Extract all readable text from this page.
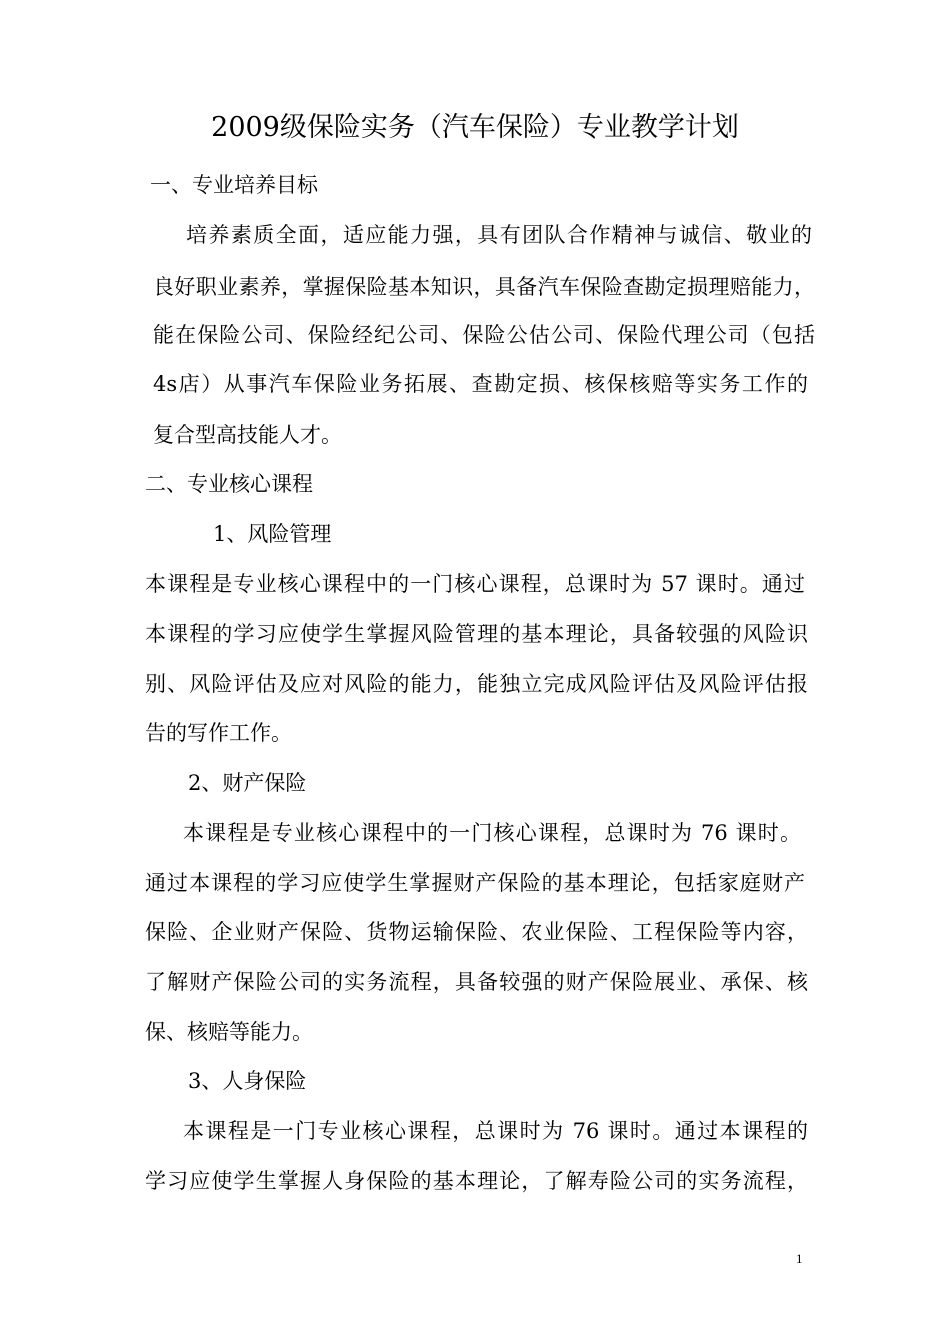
2009级保险实务（汽车保险）专业教学计划
一、专业培养目标
培养素质全面，适应能力强，具有团队合作精神与诚信、敬业的
良好职业素养，掌握保险基本知识，具备汽车保险查勘定损理赔能力，
能在保险公司、保险经纪公司、保险公估公司、保险代理公司（包括
4s店）从事汽车保险业务拓展、查勘定损、核保核赔等实务工作的
复合型高技能人才。
二、专业核心课程
1、风险管理
本课程是专业核心课程中的一门核心课程，总课时为 57 课时。通过
本课程的学习应使学生掌握风险管理的基本理论，具备较强的风险识
别、风险评估及应对风险的能力，能独立完成风险评估及风险评估报
告的写作工作。
2、财产保险
本课程是专业核心课程中的一门核心课程，总课时为 76 课时。
通过本课程的学习应使学生掌握财产保险的基本理论，包括家庭财产
保险、企业财产保险、货物运输保险、农业保险、工程保险等内容，
了解财产保险公司的实务流程，具备较强的财产保险展业、承保、核
保、核赔等能力。
3、人身保险
本课程是一门专业核心课程，总课时为 76 课时。通过本课程的
学习应使学生掌握人身保险的基本理论，了解寿险公司的实务流程，
1
